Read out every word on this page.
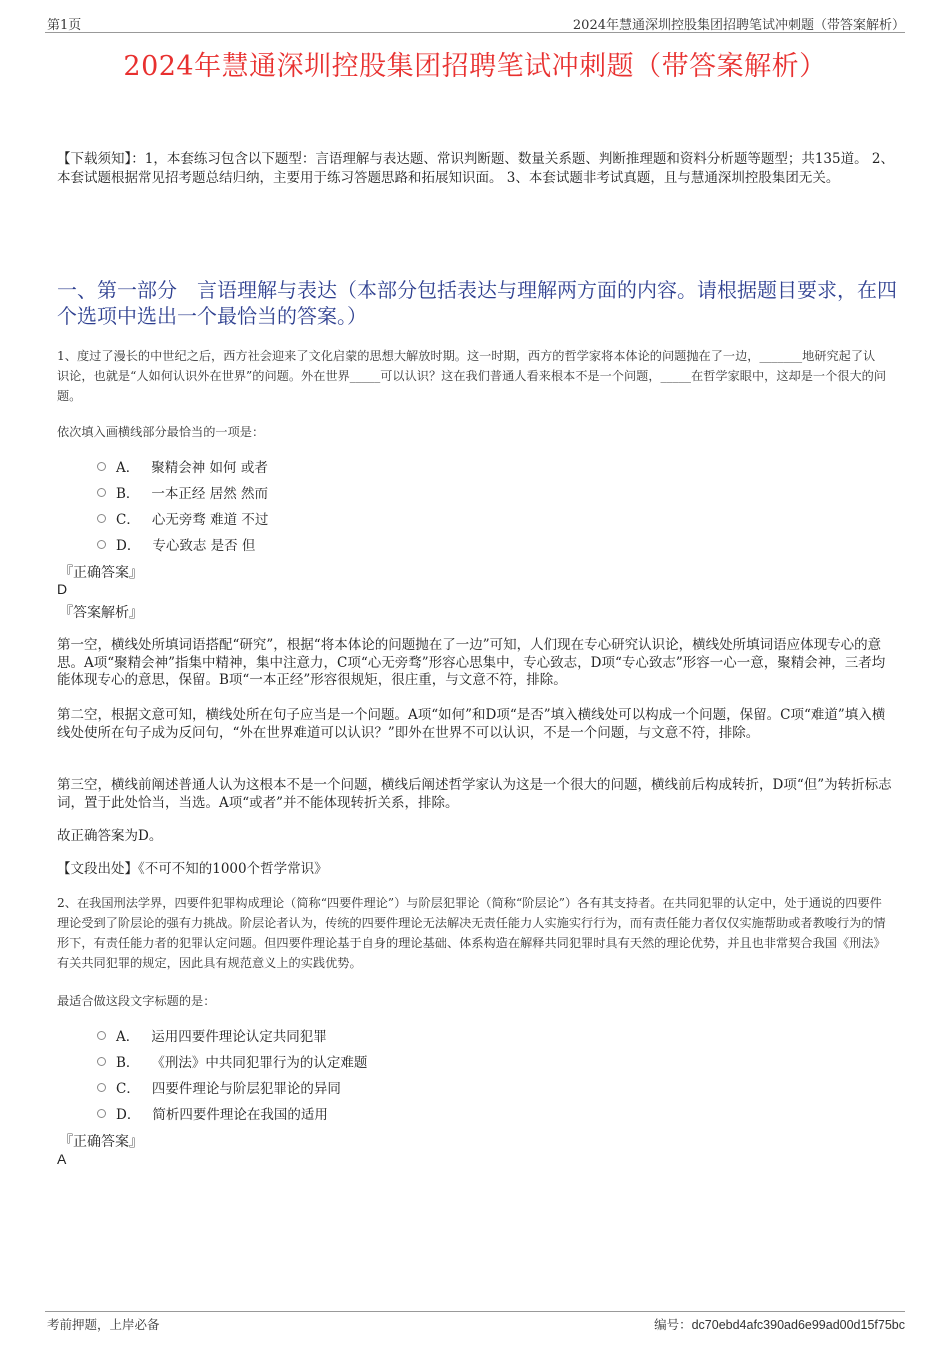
第1页	2024年慧通深圳控股集团招聘笔试冲刺题（带答案解析）
2024年慧通深圳控股集团招聘笔试冲刺题（带答案解析）
【下载须知】：1，本套练习包含以下题型：言语理解与表达题、常识判断题、数量关系题、判断推理题和资料分析题等题型；共135道。 2、本套试题根据常见招考题总结归纳，主要用于练习答题思路和拓展知识面。 3、本套试题非考试真题，且与慧通深圳控股集团无关。
一、第一部分　言语理解与表达（本部分包括表达与理解两方面的内容。请根据题目要求，在四个选项中选出一个最恰当的答案。）
1、度过了漫长的中世纪之后，西方社会迎来了文化启蒙的思想大解放时期。这一时期，西方的哲学家将本体论的问题抛在了一边，_______地研究起了认识论，也就是“人如何认识外在世界”的问题。外在世界_____可以认识？这在我们普通人看来根本不是一个问题，_____在哲学家眼中，这却是一个很大的问题。
依次填入画横线部分最恰当的一项是：
A． 聚精会神 如何 或者
B． 一本正经 居然 然而
C． 心无旁骛 难道 不过
D． 专心致志 是否 但
『正确答案』
D
『答案解析』
第一空，横线处所填词语搭配“研究”，根据“将本体论的问题抛在了一边”可知，人们现在专心研究认识论，横线处所填词语应体现专心的意思。A项“聚精会神”指集中精神，集中注意力，C项“心无旁骛”形容心思集中，专心致志，D项“专心致志”形容一心一意，聚精会神，三者均能体现专心的意思，保留。B项“一本正经”形容很规矩，很庄重，与文意不符，排除。
第二空，根据文意可知，横线处所在句子应当是一个问题。A项“如何”和D项“是否”填入横线处可以构成一个问题，保留。C项“难道”填入横线处使所在句子成为反问句，“外在世界难道可以认识？”即外在世界不可以认识，不是一个问题，与文意不符，排除。
第三空，横线前阐述普通人认为这根本不是一个问题，横线后阐述哲学家认为这是一个很大的问题，横线前后构成转折，D项“但”为转折标志词，置于此处恰当，当选。A项“或者”并不能体现转折关系，排除。
故正确答案为D。
【文段出处】《不可不知的1000个哲学常识》
2、在我国刑法学界，四要件犯罪构成理论（简称“四要件理论”）与阶层犯罪论（简称“阶层论”）各有其支持者。在共同犯罪的认定中，处于通说的四要件理论受到了阶层论的强有力挑战。阶层论者认为，传统的四要件理论无法解决无责任能力人实施实行行为，而有责任能力者仅仅实施帮助或者教唆行为的情形下，有责任能力者的犯罪认定问题。但四要件理论基于自身的理论基础、体系构造在解释共同犯罪时具有天然的理论优势，并且也非常契合我国《刑法》有关共同犯罪的规定，因此具有规范意义上的实践优势。
最适合做这段文字标题的是：
A． 运用四要件理论认定共同犯罪
B． 《刑法》中共同犯罪行为的认定难题
C． 四要件理论与阶层犯罪论的异同
D． 简析四要件理论在我国的适用
『正确答案』
A
考前押题，上岸必备	编号：dc70ebd4afc390ad6e99ad00d15f75bc
